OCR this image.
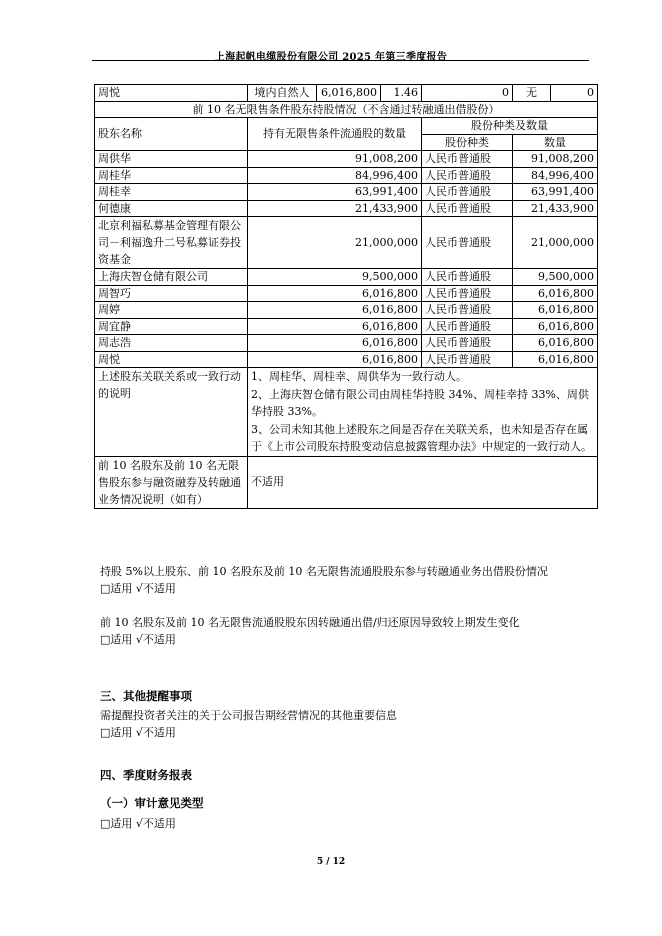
上海起帆电缆股份有限公司 2025 年第三季度报告
周悦	境内自然人	6,016,800	1.46	0	无	0
前 10 名无限售条件股东持股情况（不含通过转融通出借股份）						
股东名称	持有无限售条件流通股的数量			股份种类及数量		
				股份种类	数量	
周供华	91,008,200			人民币普通股	91,008,200	
周桂华	84,996,400			人民币普通股	84,996,400	
周桂幸	63,991,400			人民币普通股	63,991,400	
何德康	21,433,900			人民币普通股	21,433,900	
北京利福私募基金管理有限公司－利福逸升二号私募证券投资基金	21,000,000			人民币普通股	21,000,000	
上海庆智仓储有限公司	9,500,000			人民币普通股	9,500,000	
周智巧	6,016,800			人民币普通股	6,016,800	
周婷	6,016,800			人民币普通股	6,016,800	
周宜静	6,016,800			人民币普通股	6,016,800	
周志浩	6,016,800			人民币普通股	6,016,800	
周悦	6,016,800			人民币普通股	6,016,800	
上述股东关联关系或一致行动的说明	1、周桂华、周桂幸、周供华为一致行动人。
2、上海庆智仓储有限公司由周桂华持股 34%、周桂幸持 33%、周供华持股 33%。
3、公司未知其他上述股东之间是否存在关联关系，也未知是否存在属于《上市公司股东持股变动信息披露管理办法》中规定的一致行动人。					

前 10 名股东及前 10 名无限售股东参与融资融券及转融通业务情况说明（如有）	不适用					
持股 5%以上股东、前 10 名股东及前 10 名无限售流通股股东参与转融通业务出借股份情况
□适用 √不适用
前 10 名股东及前 10 名无限售流通股股东因转融通出借/归还原因导致较上期发生变化
□适用 √不适用
三、其他提醒事项
需提醒投资者关注的关于公司报告期经营情况的其他重要信息
□适用 √不适用
四、季度财务报表
（一）审计意见类型
□适用 √不适用
5 / 12
